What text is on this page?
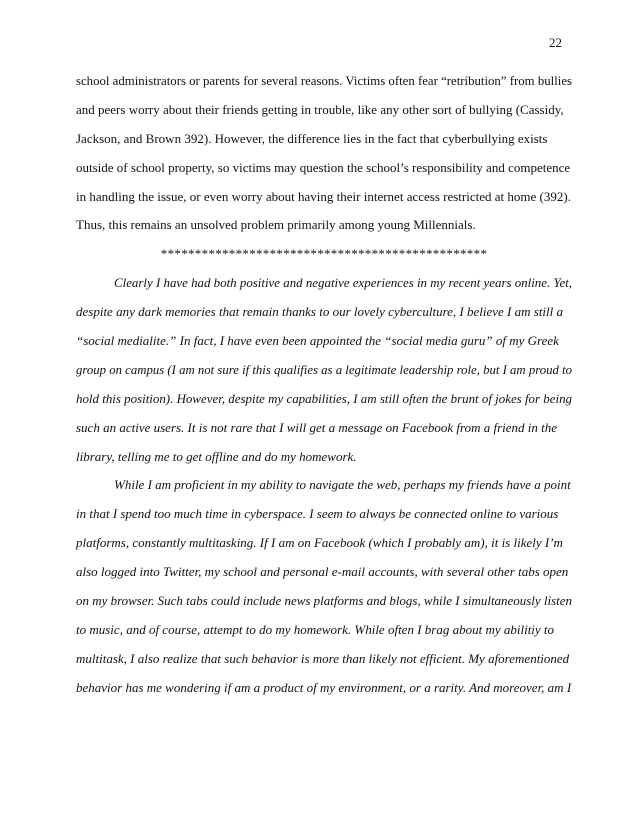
22
school administrators or parents for several reasons. Victims often fear “retribution” from bullies
and peers worry about their friends getting in trouble, like any other sort of bullying (Cassidy,
Jackson, and Brown 392). However, the difference lies in the fact that cyberbullying exists
outside of school property, so victims may question the school’s responsibility and competence
in handling the issue, or even worry about having their internet access restricted at home (392).
Thus, this remains an unsolved problem primarily among young Millennials.
************************************************
Clearly I have had both positive and negative experiences in my recent years online. Yet,
despite any dark memories that remain thanks to our lovely cyberculture, I believe I am still a
“social medialite.” In fact, I have even been appointed the “social media guru” of my Greek
group on campus (I am not sure if this qualifies as a legitimate leadership role, but I am proud to
hold this position). However, despite my capabilities, I am still often the brunt of jokes for being
such an active users. It is not rare that I will get a message on Facebook from a friend in the
library, telling me to get offline and do my homework.
While I am proficient in my ability to navigate the web, perhaps my friends have a point
in that I spend too much time in cyberspace. I seem to always be connected online to various
platforms, constantly multitasking. If I am on Facebook (which I probably am), it is likely I’m
also logged into Twitter, my school and personal e-mail accounts, with several other tabs open
on my browser. Such tabs could include news platforms and blogs, while I simultaneously listen
to music, and of course, attempt to do my homework. While often I brag about my abilitiy to
multitask, I also realize that such behavior is more than likely not efficient. My aforementioned
behavior has me wondering if am a product of my environment, or a rarity. And moreover, am I
